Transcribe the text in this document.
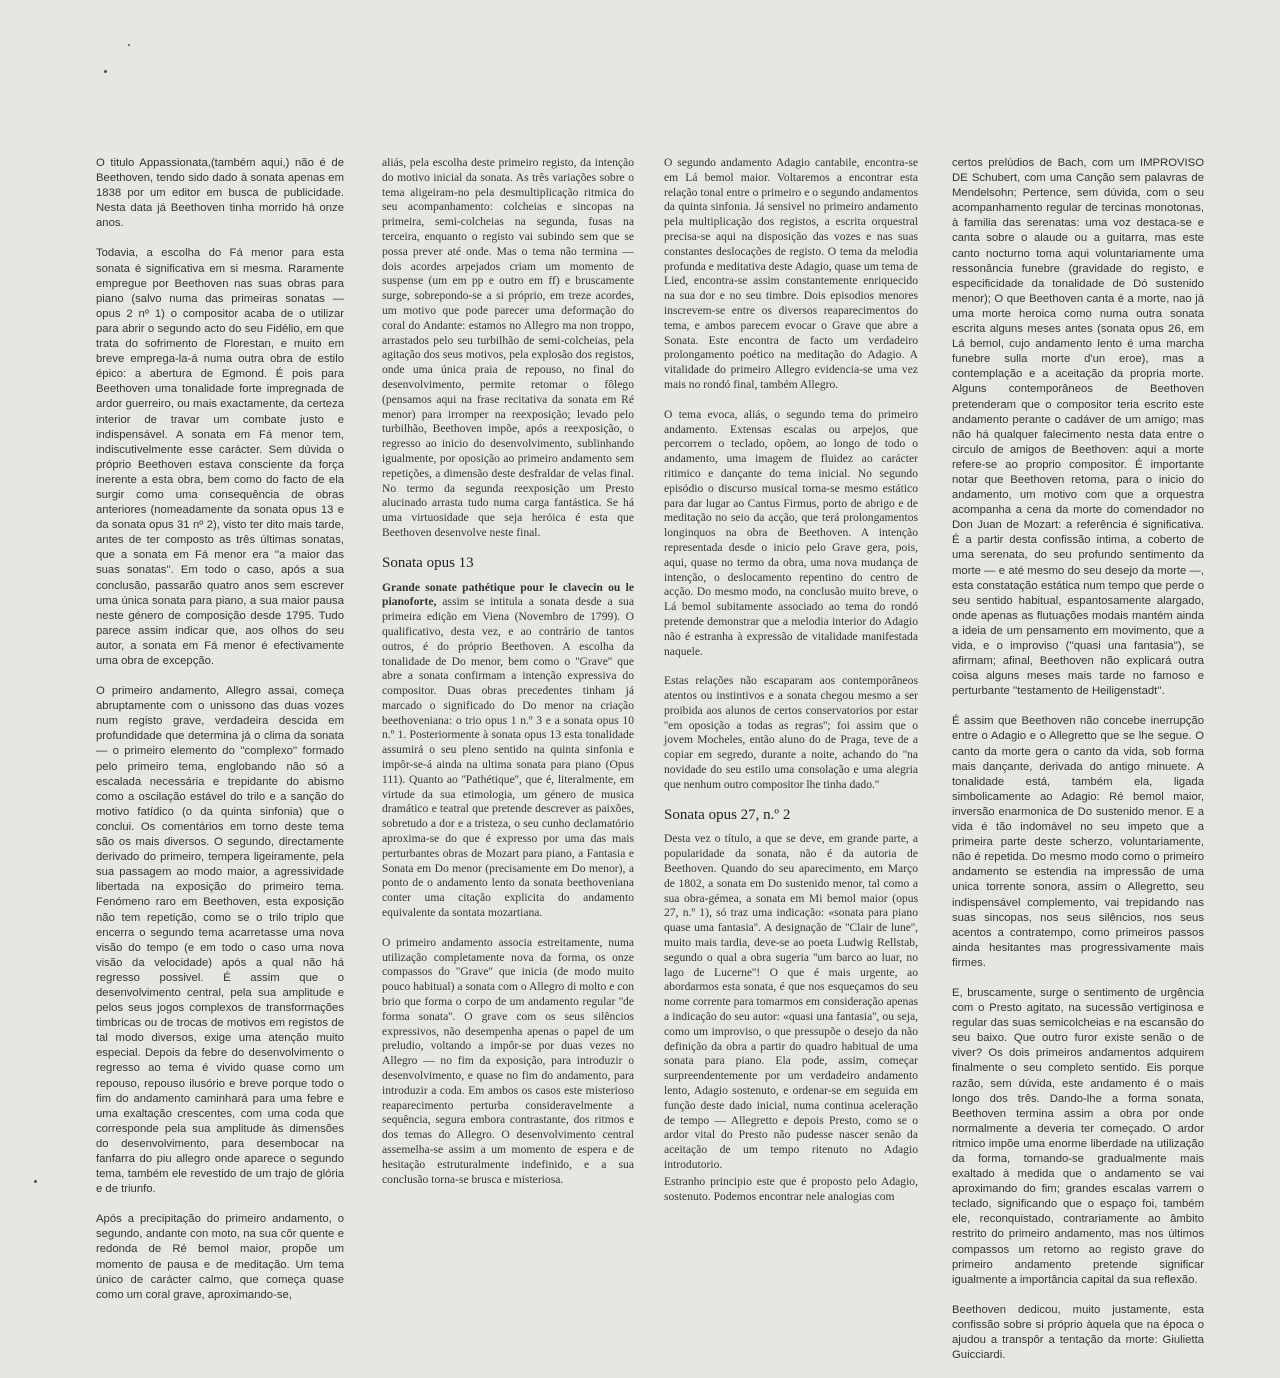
O titulo Appassionata,(também aqui,) não é de Beethoven, tendo sido dado à sonata apenas em 1838 por um editor em busca de publicidade. Nesta data já Beethoven tinha morrido há onze anos.

Todavia, a escolha do Fá menor para esta sonata é significativa em si mesma. Raramente empregue por Beethoven nas suas obras para piano (salvo numa das primeiras sonatas — opus 2 nº 1) o compositor acaba de o utilizar para abrir o segundo acto do seu Fidélio, em que trata do sofrimento de Florestan, e muito em breve emprega-la-á numa outra obra de estilo épico: a abertura de Egmond. É pois para Beethoven uma tonalidade forte impregnada de ardor guerreiro, ou mais exactamente, da certeza interior de travar um combate justo e indispensável. A sonata em Fá menor tem, indiscutivelmente esse carácter. Sem dúvida o próprio Beethoven estava consciente da força inerente a esta obra, bem como do facto de ela surgir como uma consequência de obras anteriores (nomeadamente da sonata opus 13 e da sonata opus 31 nº 2), visto ter dito mais tarde, antes de ter composto as três últimas sonatas, que a sonata em Fá menor era ''a maior das suas sonatas''. Em todo o caso, após a sua conclusão, passarão quatro anos sem escrever uma única sonata para piano, a sua maior pausa neste género de composição desde 1795. Tudo parece assim indicar que, aos olhos do seu autor, a sonata em Fá menor é efectivamente uma obra de excepção.

O primeiro andamento, Allegro assai, começa abruptamente com o unissono das duas vozes num registo grave, verdadeira descida em profundidade que determina já o clima da sonata — o primeiro elemento do ''complexo'' formado pelo primeiro tema, englobando não só a escalada necessária e trepidante do abismo como a oscilação estável do trilo e a sanção do motivo fatídico (o da quinta sinfonia) que o conclui. Os comentários em torno deste tema são os mais diversos. O segundo, directamente derivado do primeiro, tempera ligeiramente, pela sua passagem ao modo maior, a agressividade libertada na exposição do primeiro tema. Fenómeno raro em Beethoven, esta exposição não tem repetição, como se o trilo triplo que encerra o segundo tema acarretasse uma nova visão do tempo (e em todo o caso uma nova visão da velocidade) após a qual não há regresso possivel. É assim que o desenvolvimento central, pela sua amplitude e pelos seus jogos complexos de transformações timbricas ou de trocas de motivos em registos de tal modo diversos, exige uma atenção muito especial. Depois da febre do desenvolvimento o regresso ao tema é vivido quase como um repouso, repouso ilusório e breve porque todo o fim do andamento caminhará para uma febre e uma exaltação crescentes, com uma coda que corresponde pela sua amplitude às dimensões do desenvolvimento, para desembocar na fanfarra do piu allegro onde aparece o segundo tema, também ele revestido de um trajo de glória e de triunfo.

Após a precipitação do primeiro andamento, o segundo, andante con moto, na sua côr quente e redonda de Ré bemol maior, propõe um momento de pausa e de meditação. Um tema único de carácter calmo, que começa quase como um coral grave, aproximando-se,

aliás, pela escolha deste primeiro registo, da intenção do motivo inicial da sonata. As três variações sobre o tema aligeiram-no pela desmultiplicação ritmica do seu acompanhamento: colcheias e sincopas na primeira, semi-colcheias na segunda, fusas na terceira, enquanto o registo vai subindo sem que se possa prever até onde. Mas o tema não termina — dois acordes arpejados criam um momento de suspense (um em pp e outro em ff) e bruscamente surge, sobrepondo-se a si próprio, em treze acordes, um motivo que pode parecer uma deformação do coral do Andante: estamos no Allegro ma non troppo, arrastados pelo seu turbilhão de semi-colcheias, pela agitação dos seus motivos, pela explosão dos registos, onde uma única praia de repouso, no final do desenvolvimento, permite retomar o fôlego (pensamos aqui na frase recitativa da sonata em Ré menor) para irromper na reexposição; levado pelo turbilhão, Beethoven impõe, após a reexposição, o regresso ao inicio do desenvolvimento, sublinhando igualmente, por oposição ao primeiro andamento sem repetições, a dimensão deste desfraldar de velas final. No termo da segunda reexposição um Presto alucinado arrasta tudo numa carga fantástica. Se há uma virtuosidade que seja heróica é esta que Beethoven desenvolve neste final.

Sonata opus 13

Grande sonate pathétique pour le clavecin ou le pianoforte, assim se intitula a sonata desde a sua primeira edição em Viena (Novembro de 1799). O qualificativo, desta vez, e ao contrário de tantos outros, é do próprio Beethoven. A escolha da tonalidade de Do menor, bem como o ''Grave'' que abre a sonata confirmam a intenção expressiva do compositor. Duas obras precedentes tinham já marcado o significado do Do menor na criação beethoveniana: o trio opus 1 n.º 3 e a sonata opus 10 n.º 1. Posteriormente à sonata opus 13 esta tonalidade assumirá o seu pleno sentido na quinta sinfonia e impôr-se-á ainda na ultima sonata para piano (Opus 111). Quanto ao ''Pathétique'', que é, literalmente, em virtude da sua etimologia, um género de musica dramático e teatral que pretende descrever as paixões, sobretudo a dor e a tristeza, o seu cunho declamatório aproxima-se do que é expresso por uma das mais perturbantes obras de Mozart para piano, a Fantasia e Sonata em Do menor (precisamente em Do menor), a ponto de o andamento lento da sonata beethoveniana conter uma citação explicita do andamento equivalente da sontata mozartiana.

O primeiro andamento associa estreitamente, numa utilização completamente nova da forma, os onze compassos do ''Grave'' que inicia (de modo muito pouco habitual) a sonata com o Allegro di molto e con brio que forma o corpo de um andamento regular ''de forma sonata''. O grave com os seus silêncios expressivos, não desempenha apenas o papel de um preludio, voltando a impôr-se por duas vezes no Allegro — no fim da exposição, para introduzir o desenvolvimento, e quase no fim do andamento, para introduzir a coda. Em ambos os casos este misterioso reaparecimento perturba consideravelmente a sequência, segura embora contrastante, dos ritmos e dos temas do Allegro. O desenvolvimento central assemelha-se assim a um momento de espera e de hesitação estruturalmente indefinido, e a sua conclusão torna-se brusca e misteriosa.

O segundo andamento Adagio cantabile, encontra-se em Lá bemol maior. Voltaremos a encontrar esta relação tonal entre o primeiro e o segundo andamentos da quinta sinfonia. Já sensivel no primeiro andamento pela multiplicação dos registos, a escrita orquestral precisa-se aqui na disposição das vozes e nas suas constantes deslocações de registo. O tema da melodia profunda e meditativa deste Adagio, quase um tema de Lied, encontra-se assim constantemente enriquecido na sua dor e no seu timbre. Dois episodios menores inscrevem-se entre os diversos reaparecimentos do tema, e ambos parecem evocar o Grave que abre a Sonata. Este encontra de facto um verdadeiro prolongamento poético na meditação do Adagio. A vitalidade do primeiro Allegro evidencia-se uma vez mais no rondó final, também Allegro.

O tema evoca, aliás, o segundo tema do primeiro andamento. Extensas escalas ou arpejos, que percorrem o teclado, opõem, ao longo de todo o andamento, uma imagem de fluidez ao carácter ritimico e dançante do tema inicial. No segundo episódio o discurso musical torna-se mesmo estático para dar lugar ao Cantus Firmus, porto de abrigo e de meditação no seio da acção, que terá prolongamentos longinquos na obra de Beethoven. A intenção representada desde o inicio pelo Grave gera, pois, aqui, quase no termo da obra, uma nova mudança de intenção, o deslocamento repentino do centro de acção. Do mesmo modo, na conclusão muito breve, o Lá bemol subitamente associado ao tema do rondó pretende demonstrar que a melodia interior do Adagio não é estranha à expressão de vitalidade manifestada naquele.

Estas relações não escaparam aos contemporâneos atentos ou instintivos e a sonata chegou mesmo a ser proibida aos alunos de certos conservatorios por estar ''em oposição a todas as regras''; foi assim que o jovem Mocheles, então aluno do de Praga, teve de a copiar em segredo, durante a noite, achando do ''na novidade do seu estilo uma consolação e uma alegria que nenhum outro compositor lhe tinha dado.''

Sonata opus 27, n.º 2

Desta vez o título, a que se deve, em grande parte, a popularidade da sonata, não é da autoria de Beethoven. Quando do seu aparecimento, em Março de 1802, a sonata em Do sustenido menor, tal como a sua obra-gémea, a sonata em Mi bemol maior (opus 27, n.º 1), só traz uma indicação: «sonata para piano quase uma fantasia''. A designação de ''Clair de lune'', muito mais tardia, deve-se ao poeta Ludwig Rellstab, segundo o qual a obra sugeria ''um barco ao luar, no lago de Lucerne''! O que é mais urgente, ao abordarmos esta sonata, é que nos esqueçamos do seu nome corrente para tomarmos em consideração apenas a indicação do seu autor: «quasi una fantasia'', ou seja, como um improviso, o que pressupõe o desejo da não definição da obra a partir do quadro habitual de uma sonata para piano. Ela pode, assim, começar surpreendentemente por um verdadeiro andamento lento, Adagio sostenuto, e ordenar-se em seguida em função deste dado inicial, numa continua aceleração de tempo — Allegretto e depois Presto, como se o ardor vital do Presto não pudesse nascer senão da aceitação de um tempo ritenuto no Adagio introdutorio.

Estranho principio este que é proposto pelo Adagio, sostenuto. Podemos encontrar nele analogias com

certos prelúdios de Bach, com um IMPROVISO DE Schubert, com uma Canção sem palavras de Mendelsohn; Pertence, sem dúvida, com o seu acompanhamento regular de tercinas monotonas, à familia das serenatas: uma voz destaca-se e canta sobre o alaude ou a guitarra, mas este canto nocturno toma aqui voluntariamente uma ressonância funebre (gravidade do registo, e especificidade da tonalidade de Dó sustenido menor); O que Beethoven canta é a morte, nao já uma morte heroica como numa outra sonata escrita alguns meses antes (sonata opus 26, em Lá bemol, cujo andamento lento é uma marcha funebre sulla morte d'un eroe), mas a contemplação e a aceitação da propria morte. Alguns contemporâneos de Beethoven pretenderam que o compositor teria escrito este andamento perante o cadáver de um amigo; mas não há qualquer falecimento nesta data entre o circulo de amigos de Beethoven: aqui a morte refere-se ao proprio compositor. É importante notar que Beethoven retoma, para o inicio do andamento, um motivo com que a orquestra acompanha a cena da morte do comendador no Don Juan de Mozart: a referência é significativa. É a partir desta confissão intima, a coberto de uma serenata, do seu profundo sentimento da morte — e até mesmo do seu desejo da morte —, esta constatação estática num tempo que perde o seu sentido habitual, espantosamente alargado, onde apenas as flutuações modais mantém ainda a ideia de um pensamento em movimento, que a vida, e o improviso (''quasi una fantasia''), se afirmam; afinal, Beethoven não explicará outra coisa alguns meses mais tarde no famoso e perturbante ''testamento de Heiligenstadt''.

É assim que Beethoven não concebe inerrupção entre o Adagio e o Allegretto que se lhe segue. O canto da morte gera o canto da vida, sob forma mais dançante, derivada do antigo minuete. A tonalidade está, também ela, ligada simbolicamente ao Adagio: Ré bemol maior, inversão enarmonica de Do sustenido menor. E a vida é tão indomável no seu impeto que a primeira parte deste scherzo, voluntariamente, não é repetida. Do mesmo modo como o primeiro andamento se estendia na impressão de uma unica torrente sonora, assim o Allegretto, seu indispensável complemento, vai trepidando nas suas sincopas, nos seus silêncios, nos seus acentos a contratempo, como primeiros passos ainda hesitantes mas progressivamente mais firmes.

E, bruscamente, surge o sentimento de urgência com o Presto agitato, na sucessão vertiginosa e regular das suas semicolcheias e na escansão do seu baixo. Que outro furor existe senão o de viver? Os dois primeiros andamentos adquirem finalmente o seu completo sentido. Eis porque razão, sem dúvida, este andamento é o mais longo dos três. Dando-lhe a forma sonata, Beethoven termina assim a obra por onde normalmente a deveria ter começado. O ardor ritmico impõe uma enorme liberdade na utilização da forma, tornando-se gradualmente mais exaltado à medida que o andamento se vai aproximando do fim; grandes escalas varrem o teclado, significando que o espaço foi, também ele, reconquistado, contrariamente ao âmbito restrito do primeiro andamento, mas nos últimos compassos um retorno ao registo grave do primeiro andamento pretende significar igualmente a importância capital da sua reflexão.

Beethoven dedicou, muito justamente, esta confissão sobre si próprio àquela que na época o ajudou a transpôr a tentação da morte: Giulietta Guicciardi.
